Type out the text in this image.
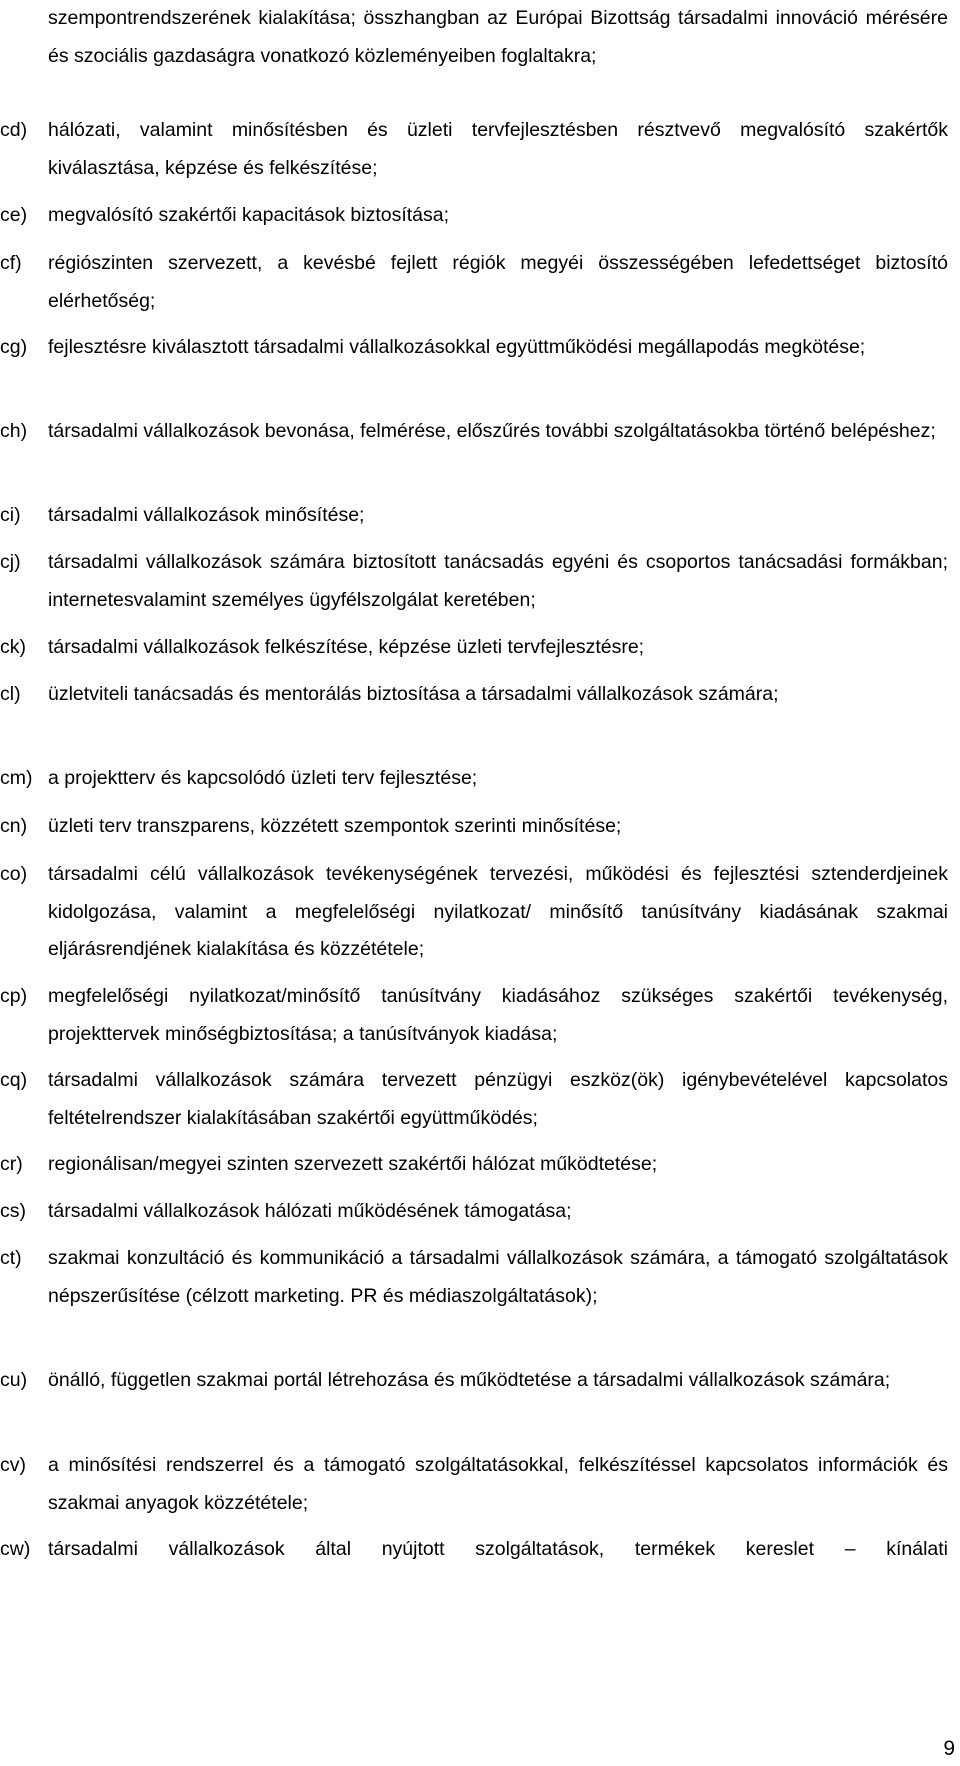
szempontrendszerének kialakítása; összhangban az Európai Bizottság társadalmi innováció mérésére és szociális gazdaságra vonatkozó közleményeiben foglaltakra;
cd)	hálózati, valamint minősítésben és üzleti tervfejlesztésben résztvevő megvalósító szakértők kiválasztása, képzése és felkészítése;
ce)	megvalósító szakértői kapacitások biztosítása;
cf)	régiószinten szervezett, a kevésbé fejlett régiók megyéi összességében lefedettséget biztosító elérhetőség;
cg)	fejlesztésre kiválasztott társadalmi vállalkozásokkal együttműködési megállapodás megkötése;
ch)	társadalmi vállalkozások bevonása, felmérése, előszűrés további szolgáltatásokba történő belépéshez;
ci)	társadalmi vállalkozások minősítése;
cj)	társadalmi vállalkozások számára biztosított tanácsadás egyéni és csoportos tanácsadási formákban; internetesvalamint személyes ügyfélszolgálat keretében;
ck)	társadalmi vállalkozások felkészítése, képzése üzleti tervfejlesztésre;
cl)	üzletviteli tanácsadás és mentorálás biztosítása a társadalmi vállalkozások számára;
cm) a projektterv és kapcsolódó üzleti terv fejlesztése;
cn)	üzleti terv transzparens, közzétett szempontok szerinti minősítése;
co)	társadalmi célú vállalkozások tevékenységének tervezési, működési és fejlesztési sztenderdjeinek kidolgozása, valamint a megfelelőségi nyilatkozat/ minősítő tanúsítvány kiadásának szakmai eljárásrendjének kialakítása és közzététele;
cp)	megfelelőségi nyilatkozat/minősítő tanúsítvány kiadásához szükséges szakértői tevékenység, projekttervek minőségbiztosítása; a tanúsítványok kiadása;
cq)	társadalmi vállalkozások számára tervezett pénzügyi eszköz(ök) igénybevételével kapcsolatos feltételrendszer kialakításában szakértői együttműködés;
cr)	regionálisan/megyei szinten szervezett szakértői hálózat működtetése;
cs)	társadalmi vállalkozások hálózati működésének támogatása;
ct)	szakmai konzultáció és kommunikáció a társadalmi vállalkozások számára, a támogató szolgáltatások népszerűsítése (célzott marketing. PR és médiaszolgáltatások);
cu)	önálló, független szakmai portál létrehozása és működtetése a társadalmi vállalkozások számára;
cv)	a minősítési rendszerrel és a támogató szolgáltatásokkal, felkészítéssel kapcsolatos információk és szakmai anyagok közzététele;
cw) társadalmi vállalkozások által nyújtott szolgáltatások, termékek kereslet – kínálati
9
